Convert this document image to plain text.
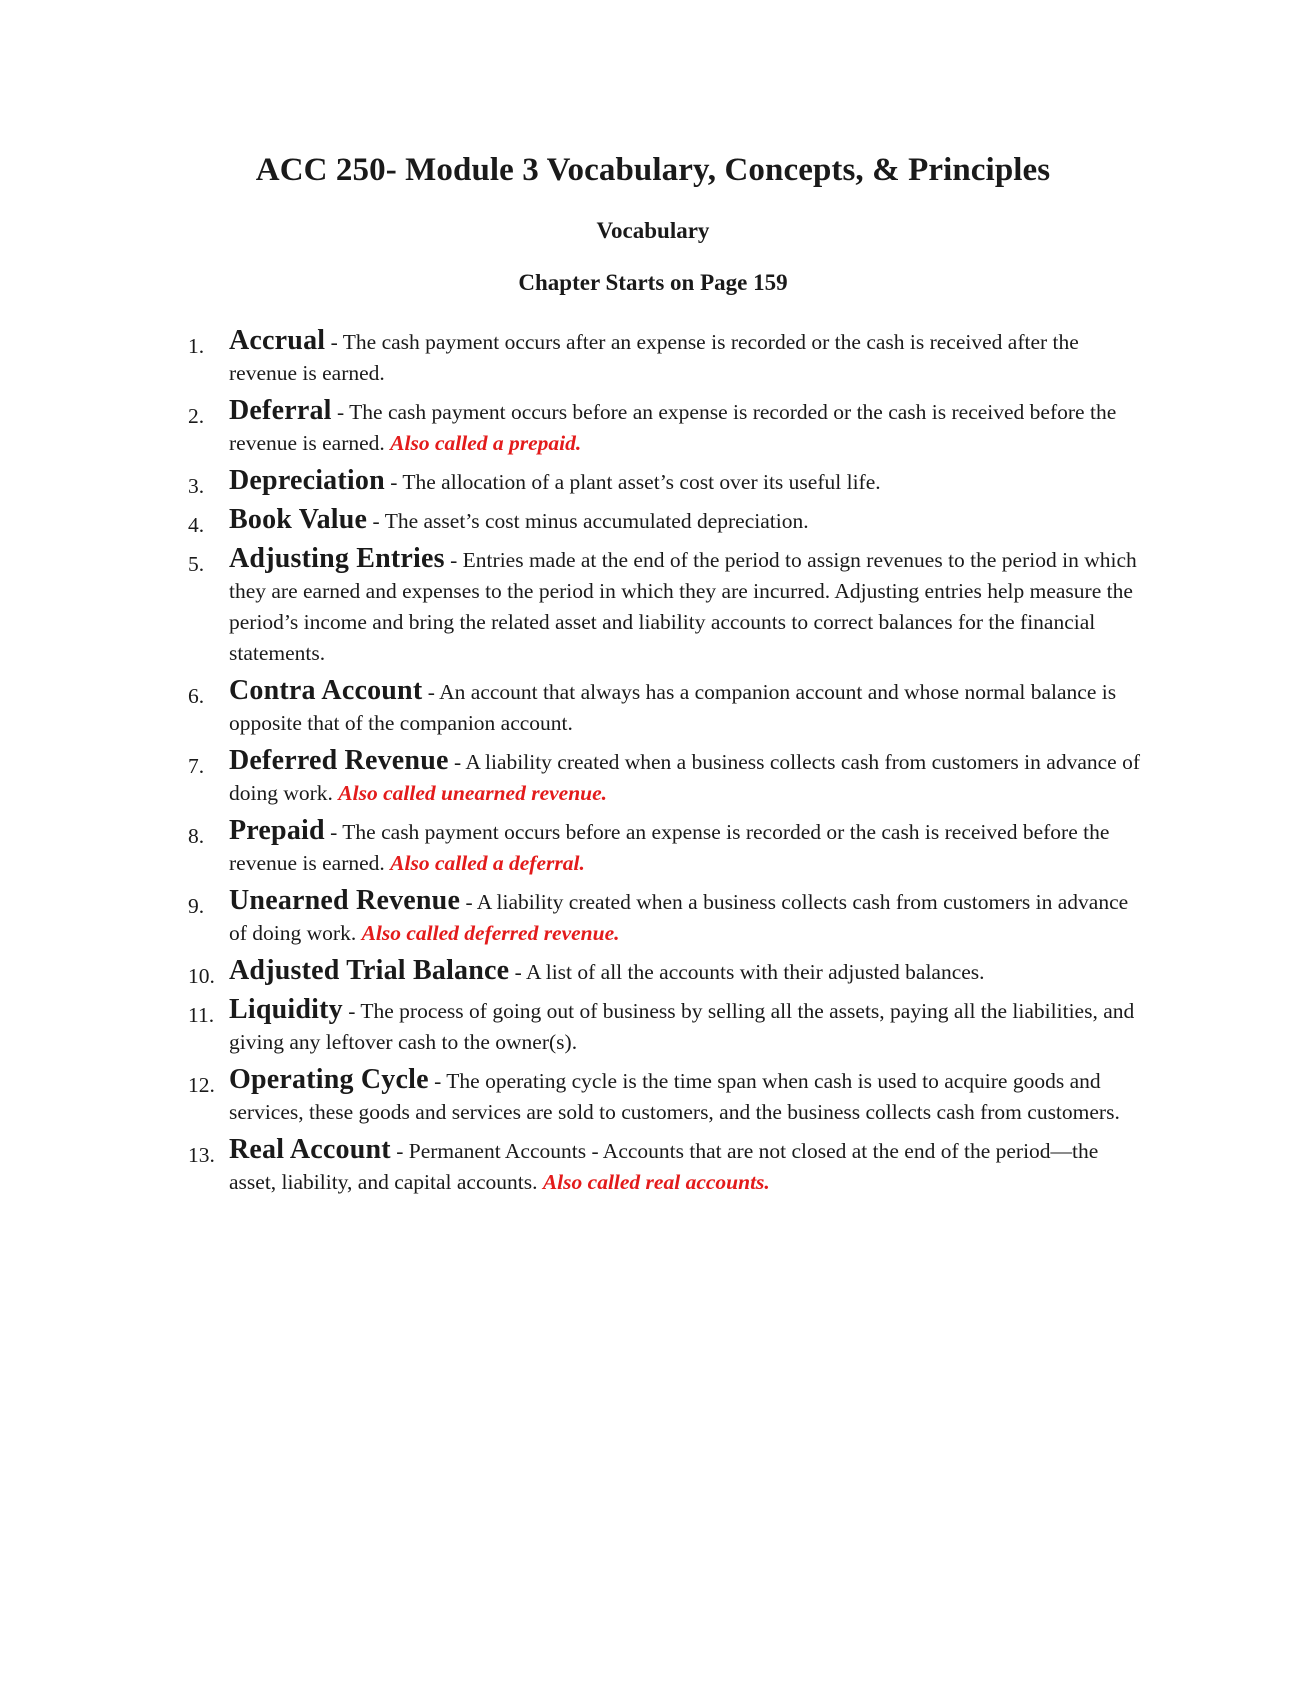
ACC 250- Module 3 Vocabulary, Concepts, & Principles
Vocabulary
Chapter Starts on Page 159
1. Accrual - The cash payment occurs after an expense is recorded or the cash is received after the revenue is earned.
2. Deferral - The cash payment occurs before an expense is recorded or the cash is received before the revenue is earned. Also called a prepaid.
3. Depreciation - The allocation of a plant asset’s cost over its useful life.
4. Book Value - The asset’s cost minus accumulated depreciation.
5. Adjusting Entries - Entries made at the end of the period to assign revenues to the period in which they are earned and expenses to the period in which they are incurred. Adjusting entries help measure the period’s income and bring the related asset and liability accounts to correct balances for the financial statements.
6. Contra Account - An account that always has a companion account and whose normal balance is opposite that of the companion account.
7. Deferred Revenue - A liability created when a business collects cash from customers in advance of doing work. Also called unearned revenue.
8. Prepaid - The cash payment occurs before an expense is recorded or the cash is received before the revenue is earned. Also called a deferral.
9. Unearned Revenue - A liability created when a business collects cash from customers in advance of doing work. Also called deferred revenue.
10. Adjusted Trial Balance - A list of all the accounts with their adjusted balances.
11. Liquidity - The process of going out of business by selling all the assets, paying all the liabilities, and giving any leftover cash to the owner(s).
12. Operating Cycle - The operating cycle is the time span when cash is used to acquire goods and services, these goods and services are sold to customers, and the business collects cash from customers.
13. Real Account - Permanent Accounts - Accounts that are not closed at the end of the period—the asset, liability, and capital accounts. Also called real accounts.
